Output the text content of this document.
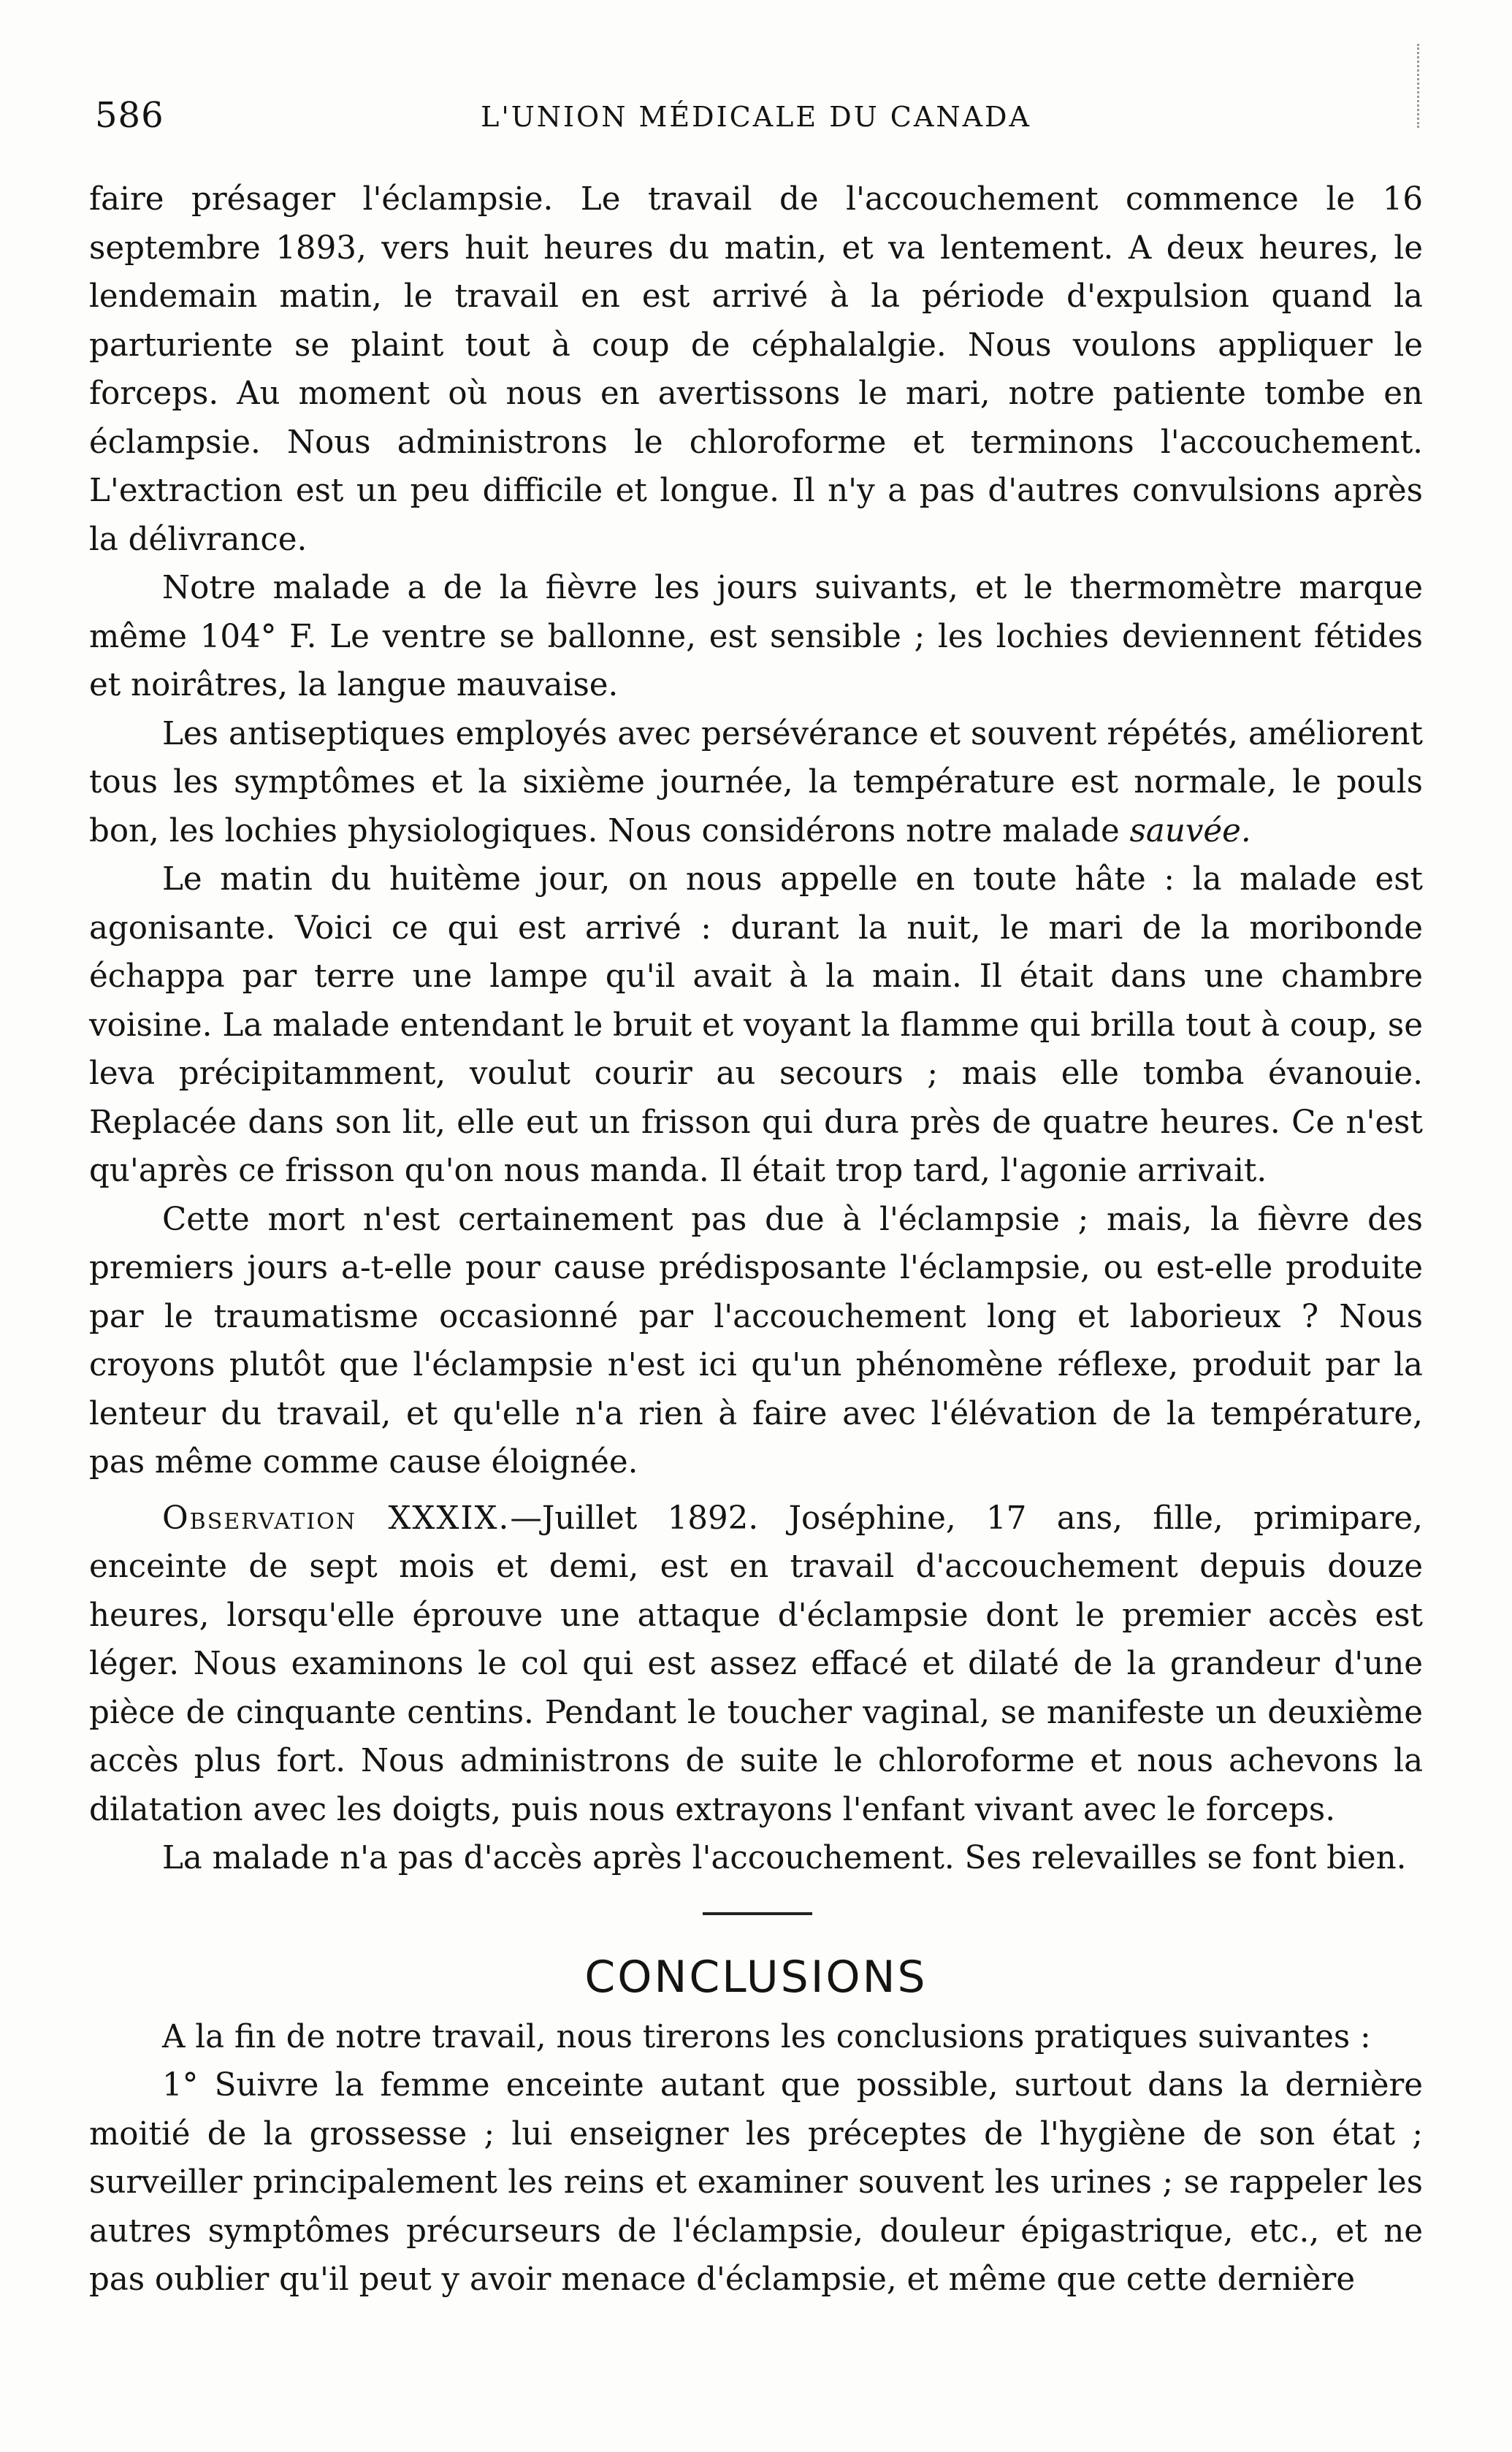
586	L'UNION MÉDICALE DU CANADA

faire présager l'éclampsie. Le travail de l'accouchement commence le 16 septembre 1893, vers huit heures du matin, et va lentement. A deux heures, le lendemain matin, le travail en est arrivé à la période d'expulsion quand la parturiente se plaint tout à coup de céphalalgie. Nous voulons appliquer le forceps. Au moment où nous en avertissons le mari, notre patiente tombe en éclampsie. Nous administrons le chloroforme et terminons l'accouchement. L'extraction est un peu difficile et longue. Il n'y a pas d'autres convulsions après la délivrance.

Notre malade a de la fièvre les jours suivants, et le thermomètre marque même 104° F. Le ventre se ballonne, est sensible ; les lochies deviennent fétides et noirâtres, la langue mauvaise.

Les antiseptiques employés avec persévérance et souvent répétés, améliorent tous les symptômes et la sixième journée, la température est normale, le pouls bon, les lochies physiologiques. Nous considérons notre malade sauvée.

Le matin du huitème jour, on nous appelle en toute hâte : la malade est agonisante. Voici ce qui est arrivé : durant la nuit, le mari de la moribonde échappa par terre une lampe qu'il avait à la main. Il était dans une chambre voisine. La malade entendant le bruit et voyant la flamme qui brilla tout à coup, se leva précipitamment, voulut courir au secours ; mais elle tomba évanouie. Replacée dans son lit, elle eut un frisson qui dura près de quatre heures. Ce n'est qu'après ce frisson qu'on nous manda. Il était trop tard, l'agonie arrivait.

Cette mort n'est certainement pas due à l'éclampsie ; mais, la fièvre des premiers jours a-t-elle pour cause prédisposante l'éclampsie, ou est-elle produite par le traumatisme occasionné par l'accouchement long et laborieux ? Nous croyons plutôt que l'éclampsie n'est ici qu'un phénomène réflexe, produit par la lenteur du travail, et qu'elle n'a rien à faire avec l'élévation de la température, pas même comme cause éloignée.

Observation XXXIX.—Juillet 1892. Joséphine, 17 ans, fille, primipare, enceinte de sept mois et demi, est en travail d'accouchement depuis douze heures, lorsqu'elle éprouve une attaque d'éclampsie dont le premier accès est léger. Nous examinons le col qui est assez effacé et dilaté de la grandeur d'une pièce de cinquante centins. Pendant le toucher vaginal, se manifeste un deuxième accès plus fort. Nous administrons de suite le chloroforme et nous achevons la dilatation avec les doigts, puis nous extrayons l'enfant vivant avec le forceps.

La malade n'a pas d'accès après l'accouchement. Ses relevailles se font bien.

CONCLUSIONS

A la fin de notre travail, nous tirerons les conclusions pratiques suivantes :

1° Suivre la femme enceinte autant que possible, surtout dans la dernière moitié de la grossesse ; lui enseigner les préceptes de l'hygiène de son état ; surveiller principalement les reins et examiner souvent les urines ; se rappeler les autres symptômes précurseurs de l'éclampsie, douleur épigastrique, etc., et ne pas oublier qu'il peut y avoir menace d'éclampsie, et même que cette dernière
